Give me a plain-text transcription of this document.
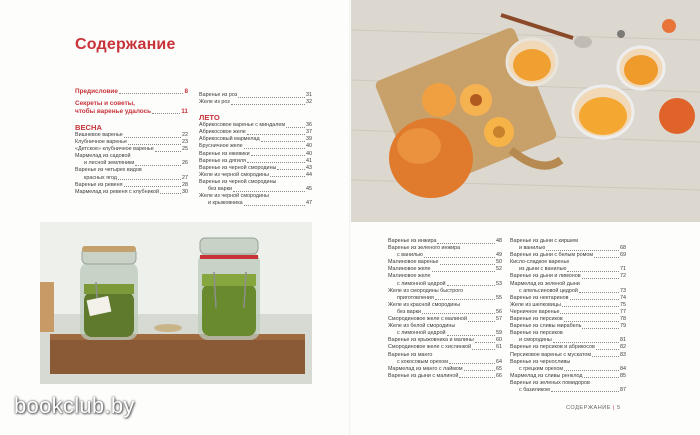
Содержание
Предисловие	8
Секреты и советы,
чтобы варенье удалось	11
ВЕСНА
Вишневое варенье	22
Клубничное варенье	23
«Детское» клубничное варенье	25
Мармелад из садовой
и лесной земляники	26
Варенье из четырех видов
красных ягод	27
Варенье из ревеня	28
Мармелад из ревеня с клубникой	30
Варенье из роз	31
Желе из роз	32
ЛЕТО
Абрикосовое варенье с миндалем	36
Абрикосовое желе	37
Абрикосовый мармелад	39
Брусничное желе	40
Варенье из ежевики	40
Варенье из дягиля	41
Варенье из черной смородины	43
Желе из черной смородины	44
Варенье из черной смородины
без варки	45
Желе из черной смородины
и крыжовника	47
Варенье из инжира	48
Варенье из зеленого инжира
с ванилью	49
Малиновое варенье	50
Малиновое желе	52
Малиновое желе
с лимонной цедрой	53
Желе из смородины быстрого
приготовления	55
Желе из красной смородины
без варки	56
Смородиновое желе с малиной	57
Желе из белой смородины
с лимонной цедрой	59
Варенье из крыжовника и малины	60
Смородиновое желе с хислинкой	61
Варенье из манго
с кокосовым орехом	64
Мармелад из манго с лаймом	65
Варенье из дыни с малиной	66
Варенье из дыни с киршем
и ванилью	68
Варенье из дыни с белым ромом	69
Кисло-сладкое варенье
из дыни с ванилью	71
Варенье из дыни и лимонов	72
Мармелад из зеленой дыни
с апельсиновой цедрой	73
Варенье из нектаринов	74
Желе из шелковицы	75
Черничное варенье	77
Варенье из персиков	78
Варенье из сливы мирабель	79
Варенье из персиков
и смородины	81
Варенье из персиков и абрикосов	82
Персиковое варенье с мускатом	83
Варенье из черносливы
с грецким орехом	84
Мармелад из сливы ренклод	85
Варенье из зеленых помидоров
с базиликом	87
СОДЕРЖАНИЕ | 5
bookclub.by
